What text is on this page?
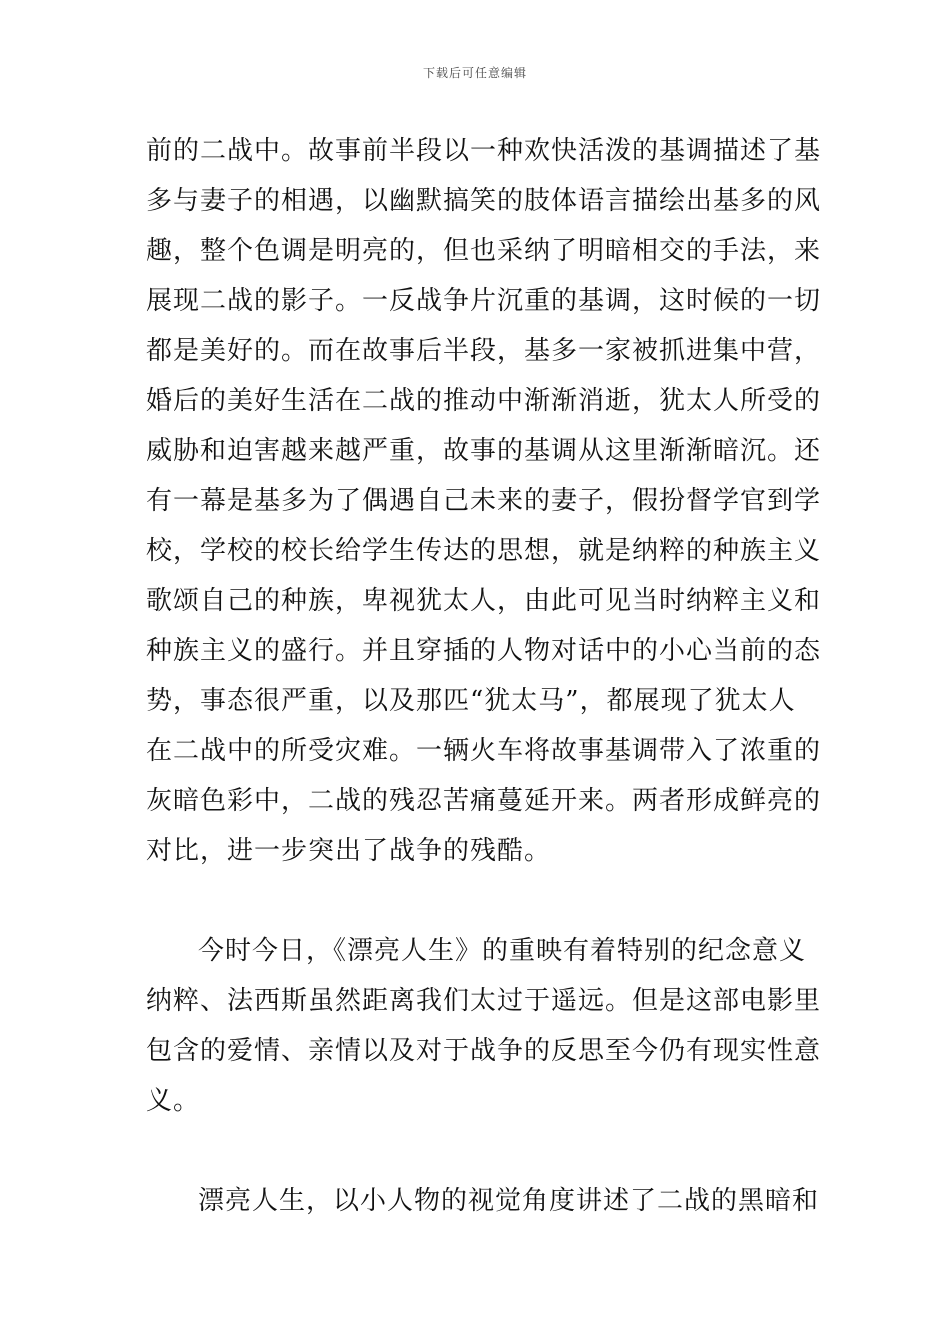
下载后可任意编辑
前的二战中。故事前半段以一种欢快活泼的基调描述了基
多与妻子的相遇，以幽默搞笑的肢体语言描绘出基多的风
趣，整个色调是明亮的，但也采纳了明暗相交的手法，来
展现二战的影子。一反战争片沉重的基调，这时候的一切
都是美好的。而在故事后半段，基多一家被抓进集中营，
婚后的美好生活在二战的推动中渐渐消逝，犹太人所受的
威胁和迫害越来越严重，故事的基调从这里渐渐暗沉。还
有一幕是基多为了偶遇自己未来的妻子，假扮督学官到学
校，学校的校长给学生传达的思想，就是纳粹的种族主义
歌颂自己的种族，卑视犹太人，由此可见当时纳粹主义和
种族主义的盛行。并且穿插的人物对话中的小心当前的态
势，事态很严重，以及那匹“犹太马”，都展现了犹太人
在二战中的所受灾难。一辆火车将故事基调带入了浓重的
灰暗色彩中，二战的残忍苦痛蔓延开来。两者形成鲜亮的
对比，进一步突出了战争的残酷。
今时今日，《漂亮人生》的重映有着特别的纪念意义
纳粹、法西斯虽然距离我们太过于遥远。但是这部电影里
包含的爱情、亲情以及对于战争的反思至今仍有现实性意
义。
漂亮人生，以小人物的视觉角度讲述了二战的黑暗和
